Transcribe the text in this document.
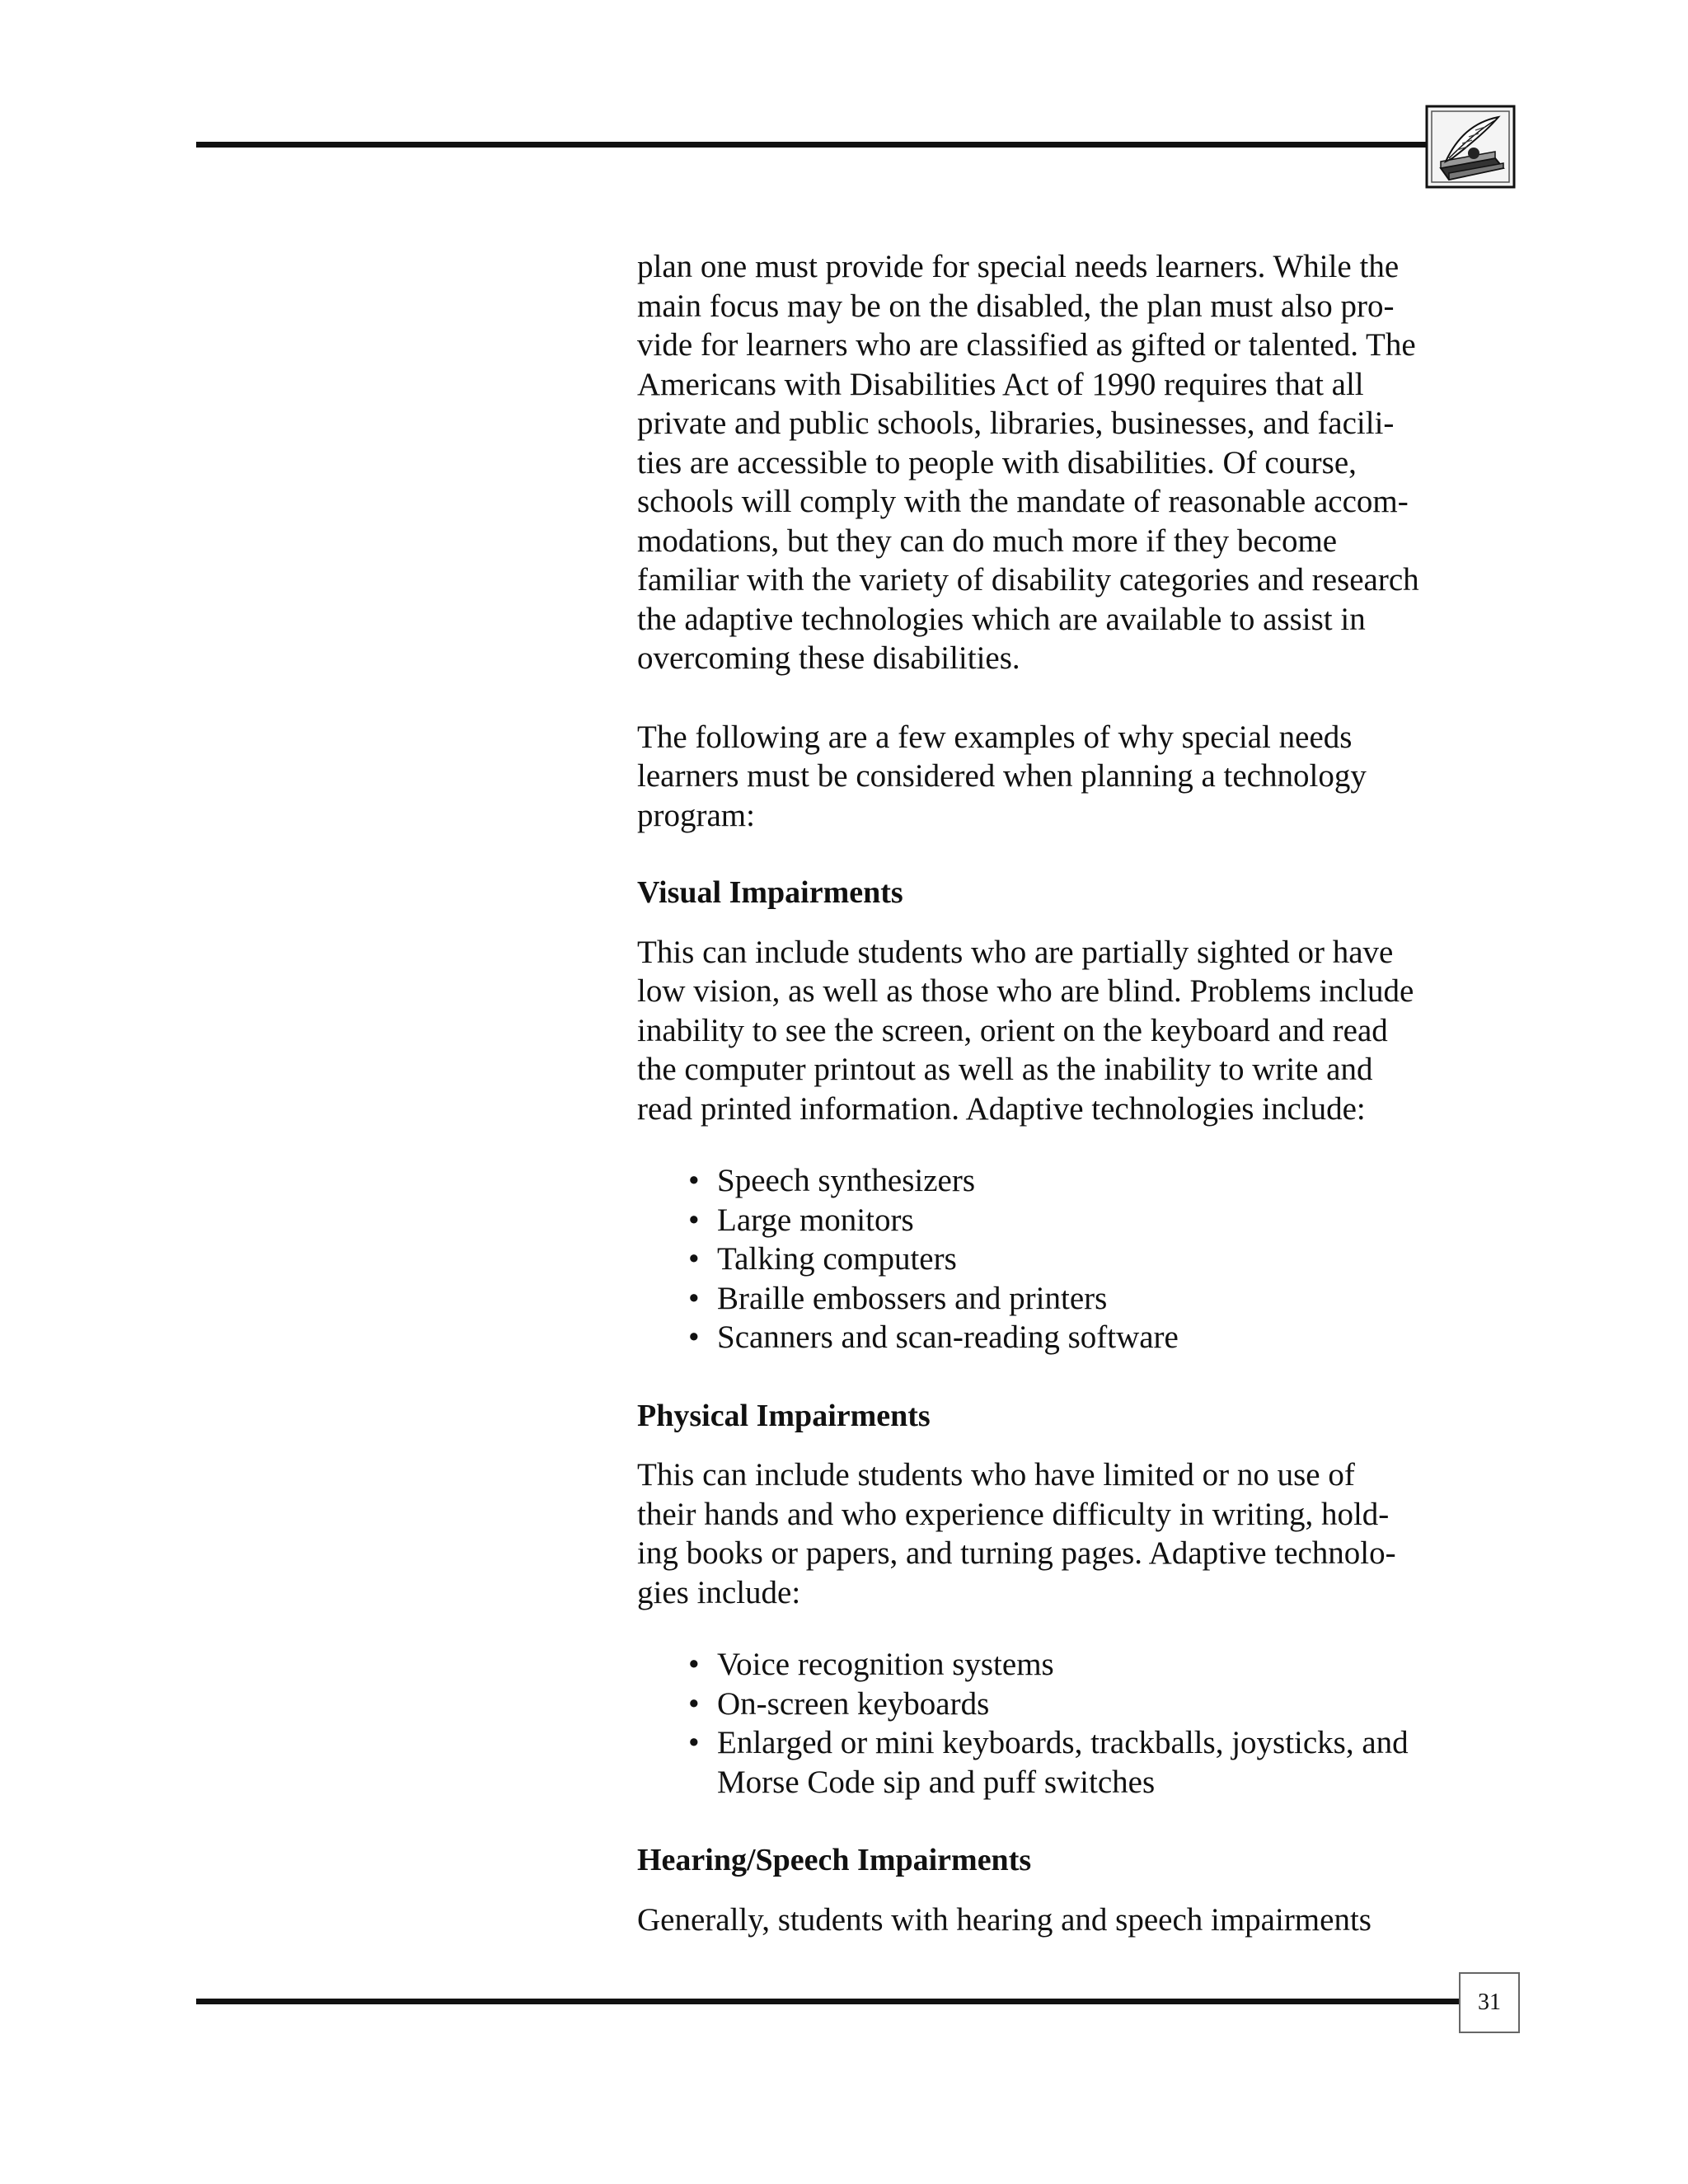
plan one must provide for special needs learners. While the
main focus may be on the disabled, the plan must also pro-
vide for learners who are classified as gifted or talented. The
Americans with Disabilities Act of 1990 requires that all
private and public schools, libraries, businesses, and facili-
ties are accessible to people with disabilities. Of course,
schools will comply with the mandate of reasonable accom-
modations, but they can do much more if they become
familiar with the variety of disability categories and research
the adaptive technologies which are available to assist in
overcoming these disabilities.

The following are a few examples of why special needs
learners must be considered when planning a technology
program:

Visual Impairments

This can include students who are partially sighted or have
low vision, as well as those who are blind. Problems include
inability to see the screen, orient on the keyboard and read
the computer printout as well as the inability to write and
read printed information. Adaptive technologies include:

• Speech synthesizers
• Large monitors
• Talking computers
• Braille embossers and printers
• Scanners and scan-reading software
Physical Impairments

This can include students who have limited or no use of
their hands and who experience difficulty in writing, hold-
ing books or papers, and turning pages. Adaptive technolo-
gies include:

• Voice recognition systems
• On-screen keyboards
• Enlarged or mini keyboards, trackballs, joysticks, and
Morse Code sip and puff switches
Hearing/Speech Impairments

Generally, students with hearing and speech impairments

31
